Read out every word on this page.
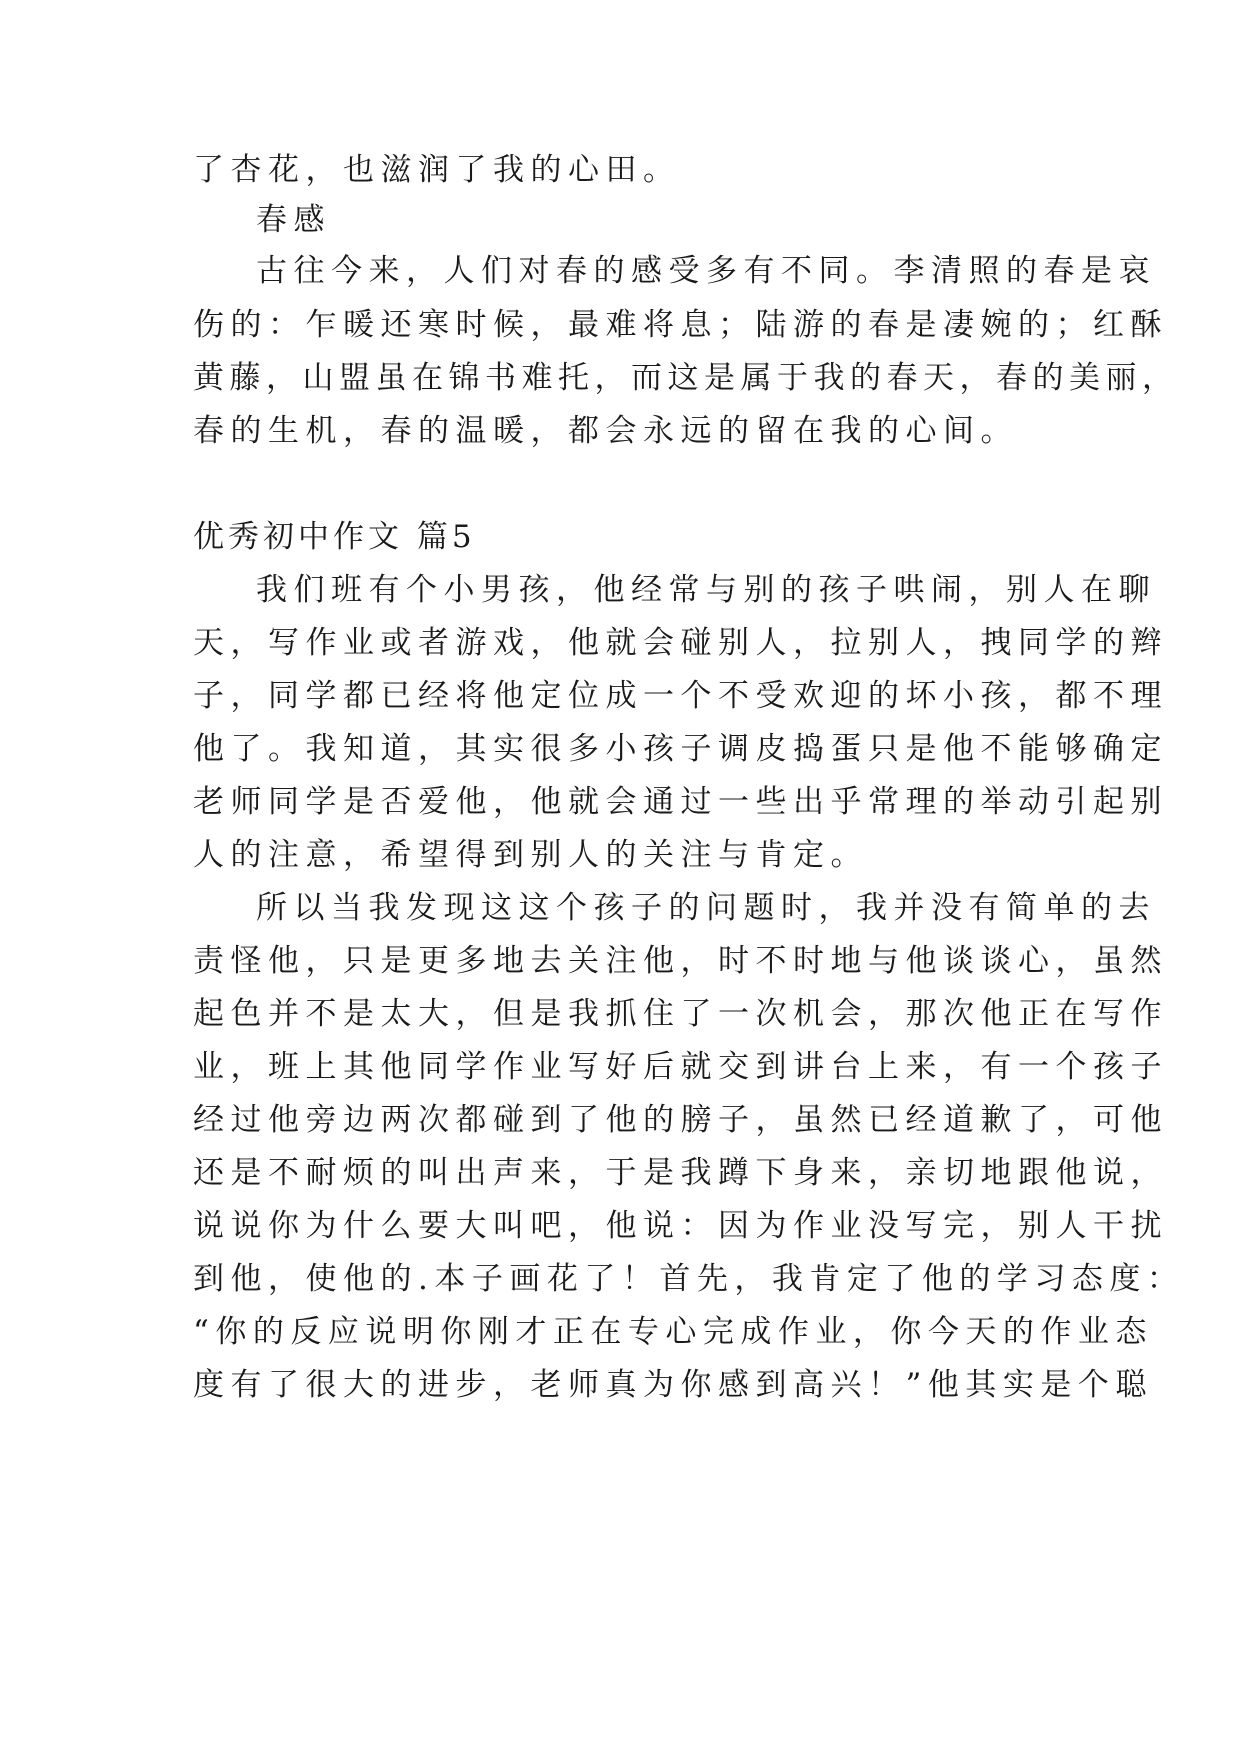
了杏花，也滋润了我的心田。
春感
古往今来，人们对春的感受多有不同。李清照的春是哀
伤的：乍暖还寒时候，最难将息；陆游的春是凄婉的；红酥
黄藤，山盟虽在锦书难托，而这是属于我的春天，春的美丽，
春的生机，春的温暖，都会永远的留在我的心间。
优秀初中作文 篇5
我们班有个小男孩，他经常与别的孩子哄闹，别人在聊
天，写作业或者游戏，他就会碰别人，拉别人，拽同学的辫
子，同学都已经将他定位成一个不受欢迎的坏小孩，都不理
他了。我知道，其实很多小孩子调皮捣蛋只是他不能够确定
老师同学是否爱他，他就会通过一些出乎常理的举动引起别
人的注意，希望得到别人的关注与肯定。
所以当我发现这这个孩子的问题时，我并没有简单的去
责怪他，只是更多地去关注他，时不时地与他谈谈心，虽然
起色并不是太大，但是我抓住了一次机会，那次他正在写作
业，班上其他同学作业写好后就交到讲台上来，有一个孩子
经过他旁边两次都碰到了他的膀子，虽然已经道歉了，可他
还是不耐烦的叫出声来，于是我蹲下身来，亲切地跟他说，
说说你为什么要大叫吧，他说：因为作业没写完，别人干扰
到他，使他的.本子画花了！首先，我肯定了他的学习态度：
“你的反应说明你刚才正在专心完成作业，你今天的作业态
度有了很大的进步，老师真为你感到高兴！”他其实是个聪
